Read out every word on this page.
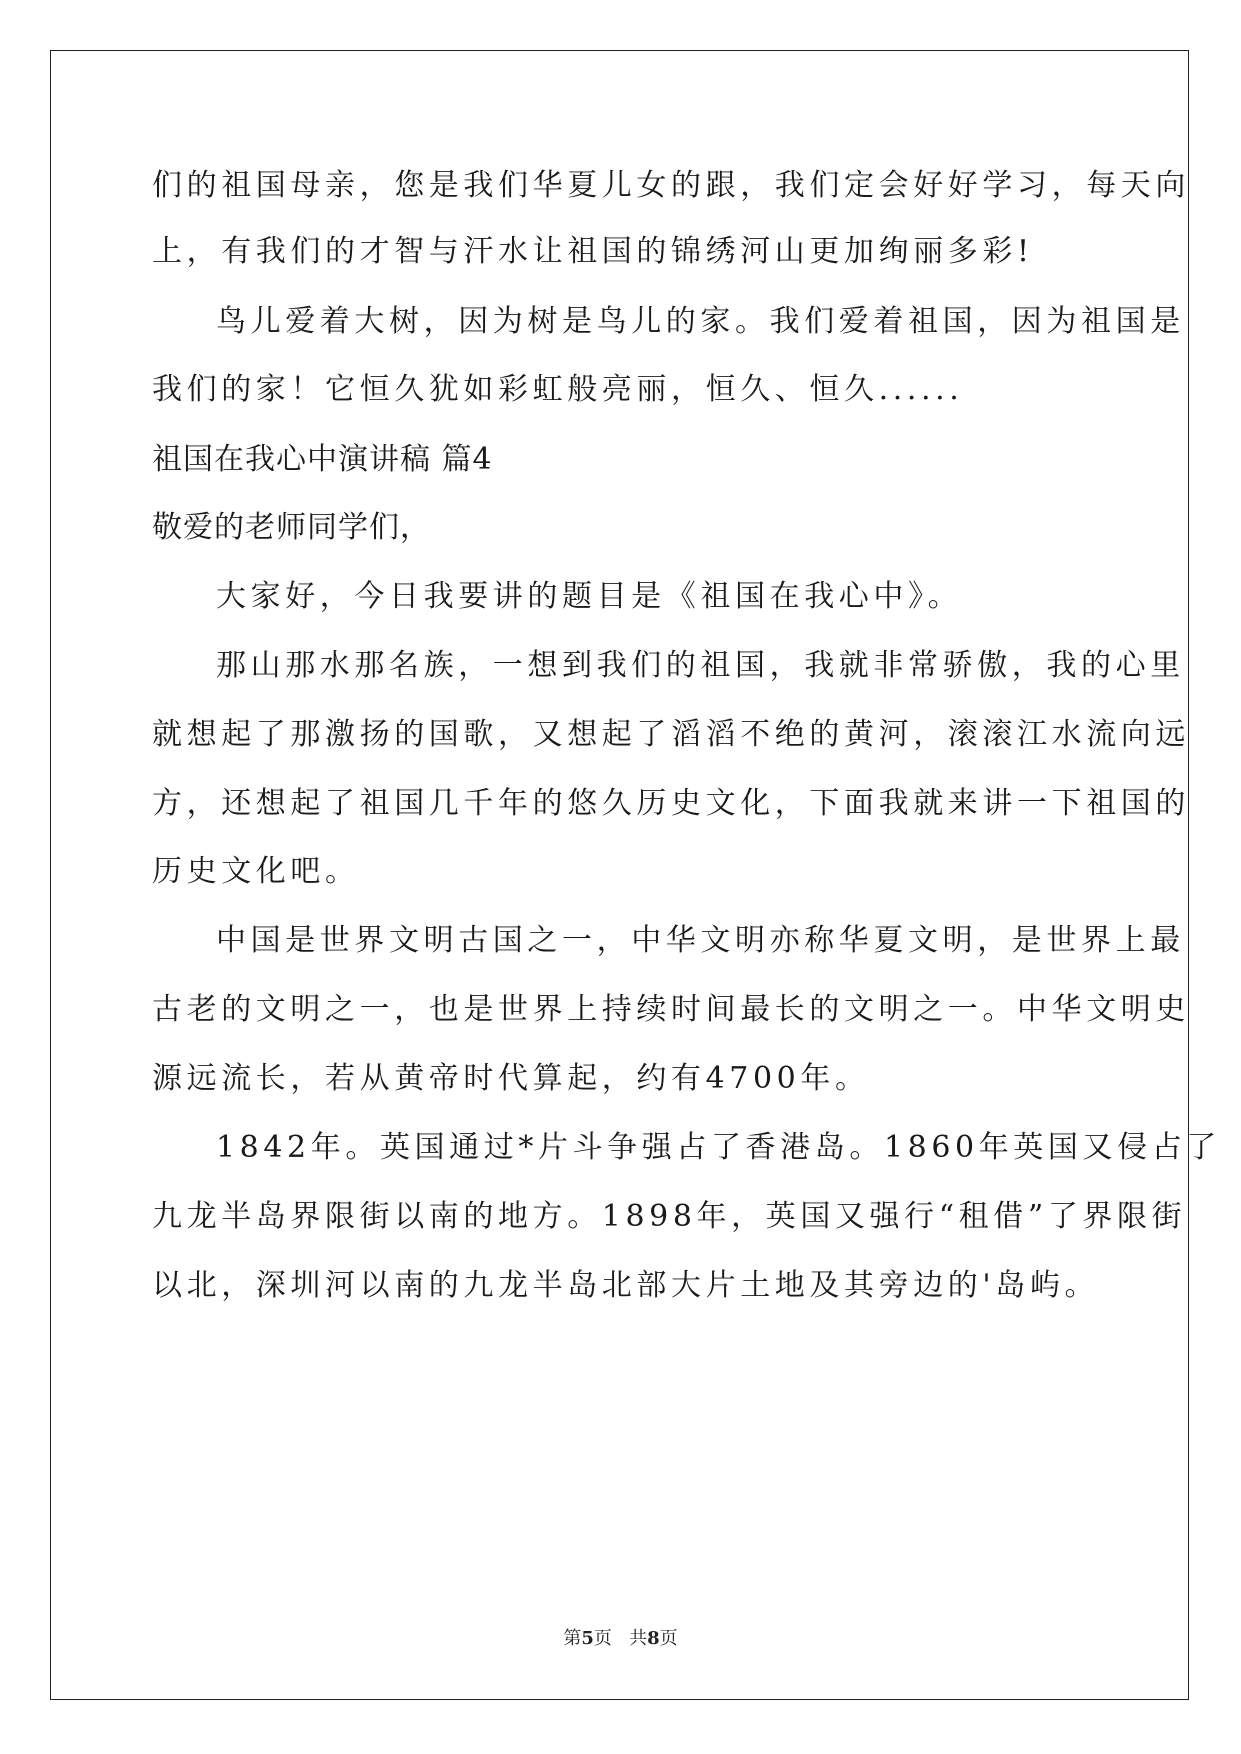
们的祖国母亲，您是我们华夏儿女的跟，我们定会好好学习，每天向
上，有我们的才智与汗水让祖国的锦绣河山更加绚丽多彩!
鸟儿爱着大树，因为树是鸟儿的家。我们爱着祖国，因为祖国是
我们的家！它恒久犹如彩虹般亮丽，恒久、恒久......
祖国在我心中演讲稿 篇4
敬爱的老师同学们，
大家好，今日我要讲的题目是《祖国在我心中》。
那山那水那名族，一想到我们的祖国，我就非常骄傲，我的心里
就想起了那激扬的国歌，又想起了滔滔不绝的黄河，滚滚江水流向远
方，还想起了祖国几千年的悠久历史文化，下面我就来讲一下祖国的
历史文化吧。
中国是世界文明古国之一，中华文明亦称华夏文明，是世界上最
古老的文明之一，也是世界上持续时间最长的文明之一。中华文明史
源远流长，若从黄帝时代算起，约有4700年。
1842年。英国通过*片斗争强占了香港岛。1860年英国又侵占了
九龙半岛界限街以南的地方。1898年，英国又强行“租借”了界限街
以北，深圳河以南的九龙半岛北部大片土地及其旁边的'岛屿。
第5页   共8页
